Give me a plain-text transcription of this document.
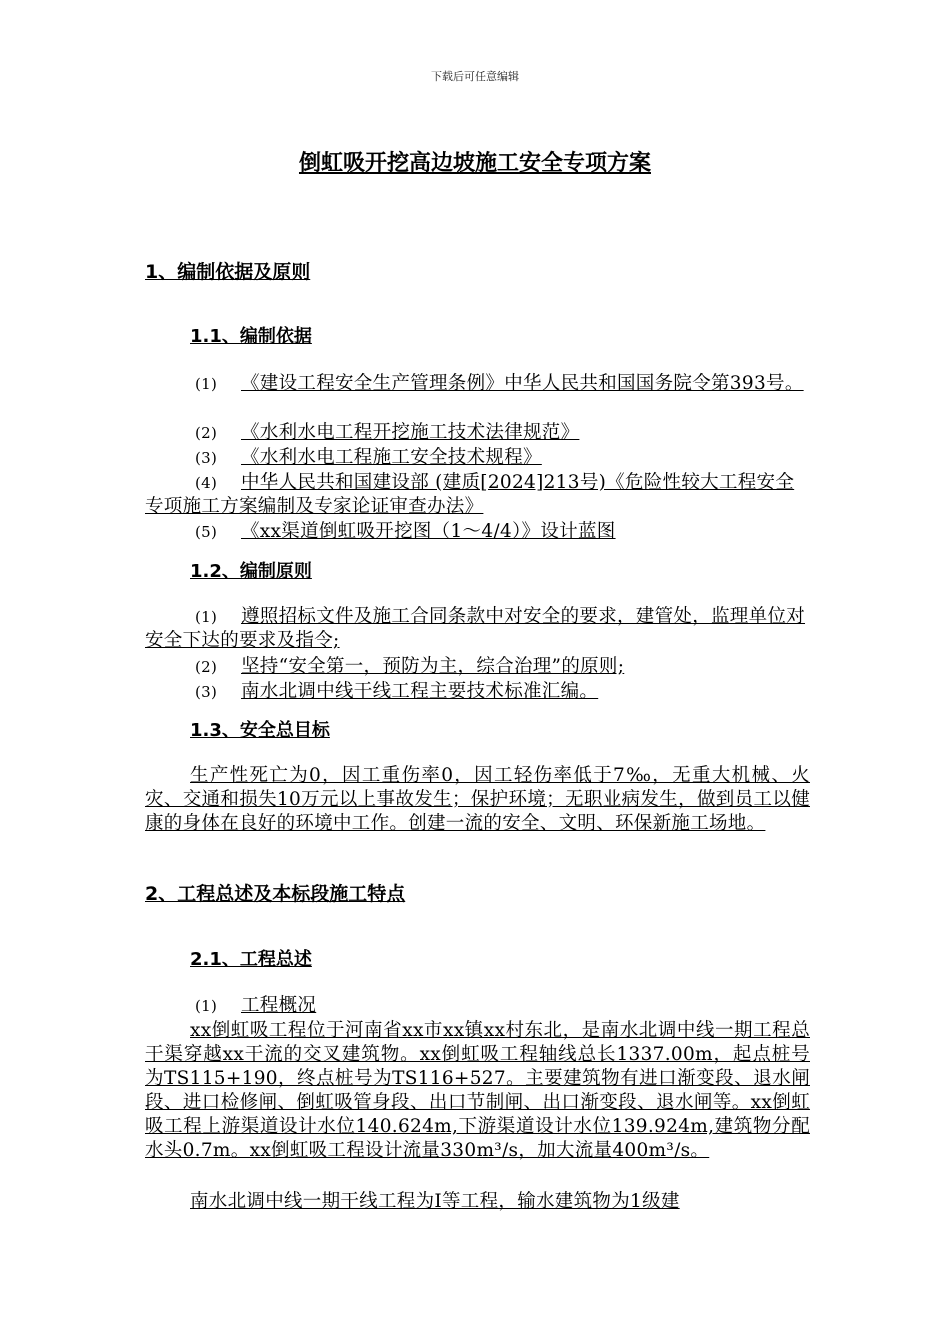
下载后可任意编辑
倒虹吸开挖高边坡施工安全专项方案
1、编制依据及原则
1.1、编制依据
(1) 《建设工程安全生产管理条例》中华人民共和国国务院令第393号。
(2) 《水利水电工程开挖施工技术法律规范》
(3) 《水利水电工程施工安全技术规程》
(4) 中华人民共和国建设部 (建质[2024]213号)《危险性较大工程安全专项施工方案编制及专家论证审查办法》
(5) 《xx渠道倒虹吸开挖图（1～4/4）》设计蓝图
1.2、编制原则
(1) 遵照招标文件及施工合同条款中对安全的要求，建管处，监理单位对安全下达的要求及指令;
(2) 坚持“安全第一，预防为主，综合治理”的原则;
(3) 南水北调中线干线工程主要技术标准汇编。
1.3、安全总目标
生产性死亡为0，因工重伤率0，因工轻伤率低于7‰，无重大机械、火灾、交通和损失10万元以上事故发生；保护环境；无职业病发生，做到员工以健康的身体在良好的环境中工作。创建一流的安全、文明、环保新施工场地。
2、工程总述及本标段施工特点
2.1、工程总述
(1) 工程概况
xx倒虹吸工程位于河南省xx市xx镇xx村东北，是南水北调中线一期工程总干渠穿越xx干流的交叉建筑物。xx倒虹吸工程轴线总长1337.00m，起点桩号为TS115+190，终点桩号为TS116+527。主要建筑物有进口渐变段、退水闸段、进口检修闸、倒虹吸管身段、出口节制闸、出口渐变段、退水闸等。xx倒虹吸工程上游渠道设计水位140.624m,下游渠道设计水位139.924m,建筑物分配水头0.7m。xx倒虹吸工程设计流量330m³/s，加大流量400m³/s。
南水北调中线一期干线工程为Ⅰ等工程，输水建筑物为1级建
